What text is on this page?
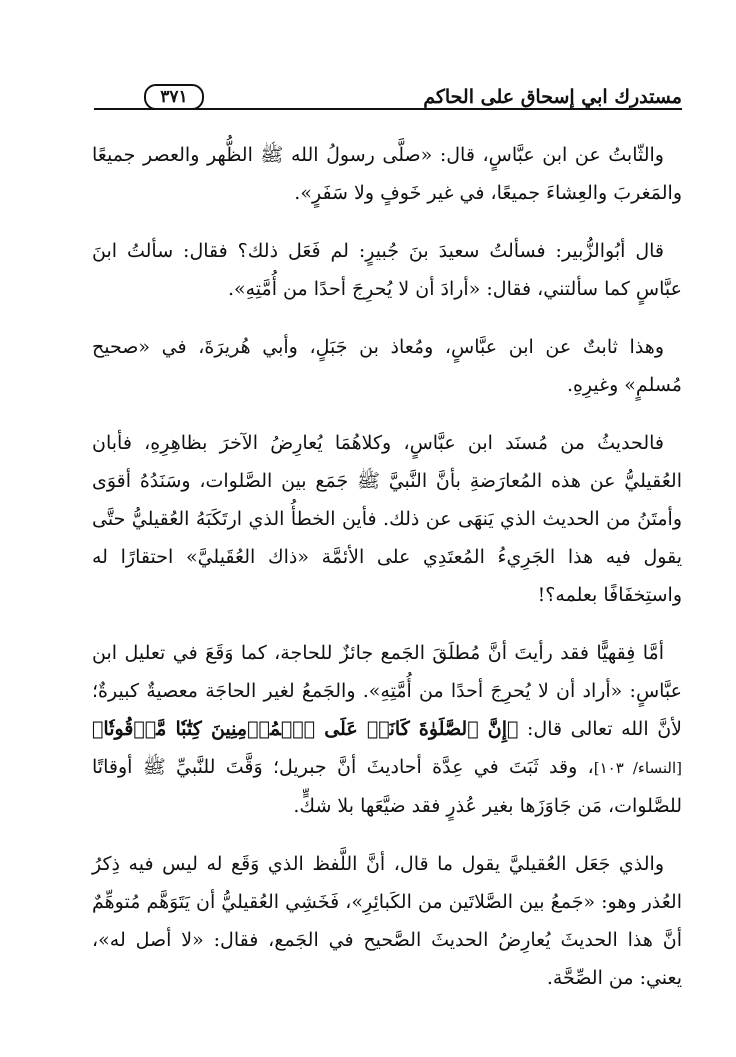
مستدرك ابي إسحاق على الحاكم
٣٧١

والثّابتُ عن ابن عبَّاسٍ، قال: «صلَّى رسولُ الله ﷺ الظُّهر والعصر جميعًا والمَغربَ والعِشاءَ جميعًا، في غير خَوفٍ ولا سَفَرٍ».

قال أبُوالزُّبير: فسألتُ سعيدَ بنَ جُبيرٍ: لم فَعَل ذلك؟ فقال: سألتُ ابنَ عبَّاسٍ كما سألتني، فقال: «أرادَ أن لا يُحرِجَ أحدًا من أُمَّتِهِ».

وهذا ثابتٌ عن ابن عبَّاسٍ، ومُعاذ بن جَبَلٍ، وأبي هُريرَةَ، في «صحيح مُسلمٍ» وغيرِهِ.

فالحديثُ من مُسنَد ابن عبَّاسٍ، وكلاهُمَا يُعارِضُ الآخرَ بظاهِرِهِ، فأبان العُقيليُّ عن هذه المُعارَضةِ بأنَّ النَّبيَّ ﷺ جَمَع بين الصَّلوات، وسَنَدُهُ أقوَى وأمتَنُ من الحديث الذي يَنهَى عن ذلك. فأين الخطأُ الذي ارتَكَبَهُ العُقيليُّ حتَّى يقول فيه هذا الجَرِيءُ المُعتَدِي على الأئمَّة «ذاك العُقَيليَّ» احتقارًا له واستِخفَافًا بعلمه؟!

أمَّا فِقهيًّا فقد رأيتَ أنَّ مُطلَقَ الجَمع جائزٌ للحاجة، كما وَقَعَ في تعليل ابن عبَّاسٍ: «أراد أن لا يُحرِجَ أحدًا من أُمَّتِهِ». والجَمعُ لغير الحاجَة معصيةٌ كبيرةٌ؛ لأنَّ الله تعالى قال: ﴿إِنَّ ٱلصَّلَوٰةَ كَانَتۡ عَلَى ٱلۡمُؤۡمِنِينَ كِتَٰبٗا مَّوۡقُوتٗا﴾ [النساء/ ١٠٣]، وقد ثَبَتَ في عِدَّة أحاديثَ أنَّ جبريل؛ وَقَّتَ للنَّبيِّ ﷺ أوقاتًا للصَّلوات، مَن جَاوَزَها بغير عُذرٍ فقد ضيَّعَها بلا شكٍّ.

والذي جَعَل العُقيليَّ يقول ما قال، أنَّ اللَّفظ الذي وَقَع له ليس فيه ذِكرُ العُذر وهو: «جَمعُ بين الصَّلاتَين من الكَبائِرِ»، فَخَشِي العُقيليُّ أن يَتَوَهَّم مُتوهِّمٌ أنَّ هذا الحديثَ يُعارِضُ الحديثَ الصَّحيح في الجَمع، فقال: «لا أصل له»، يعني: من الصِّحَّة.
